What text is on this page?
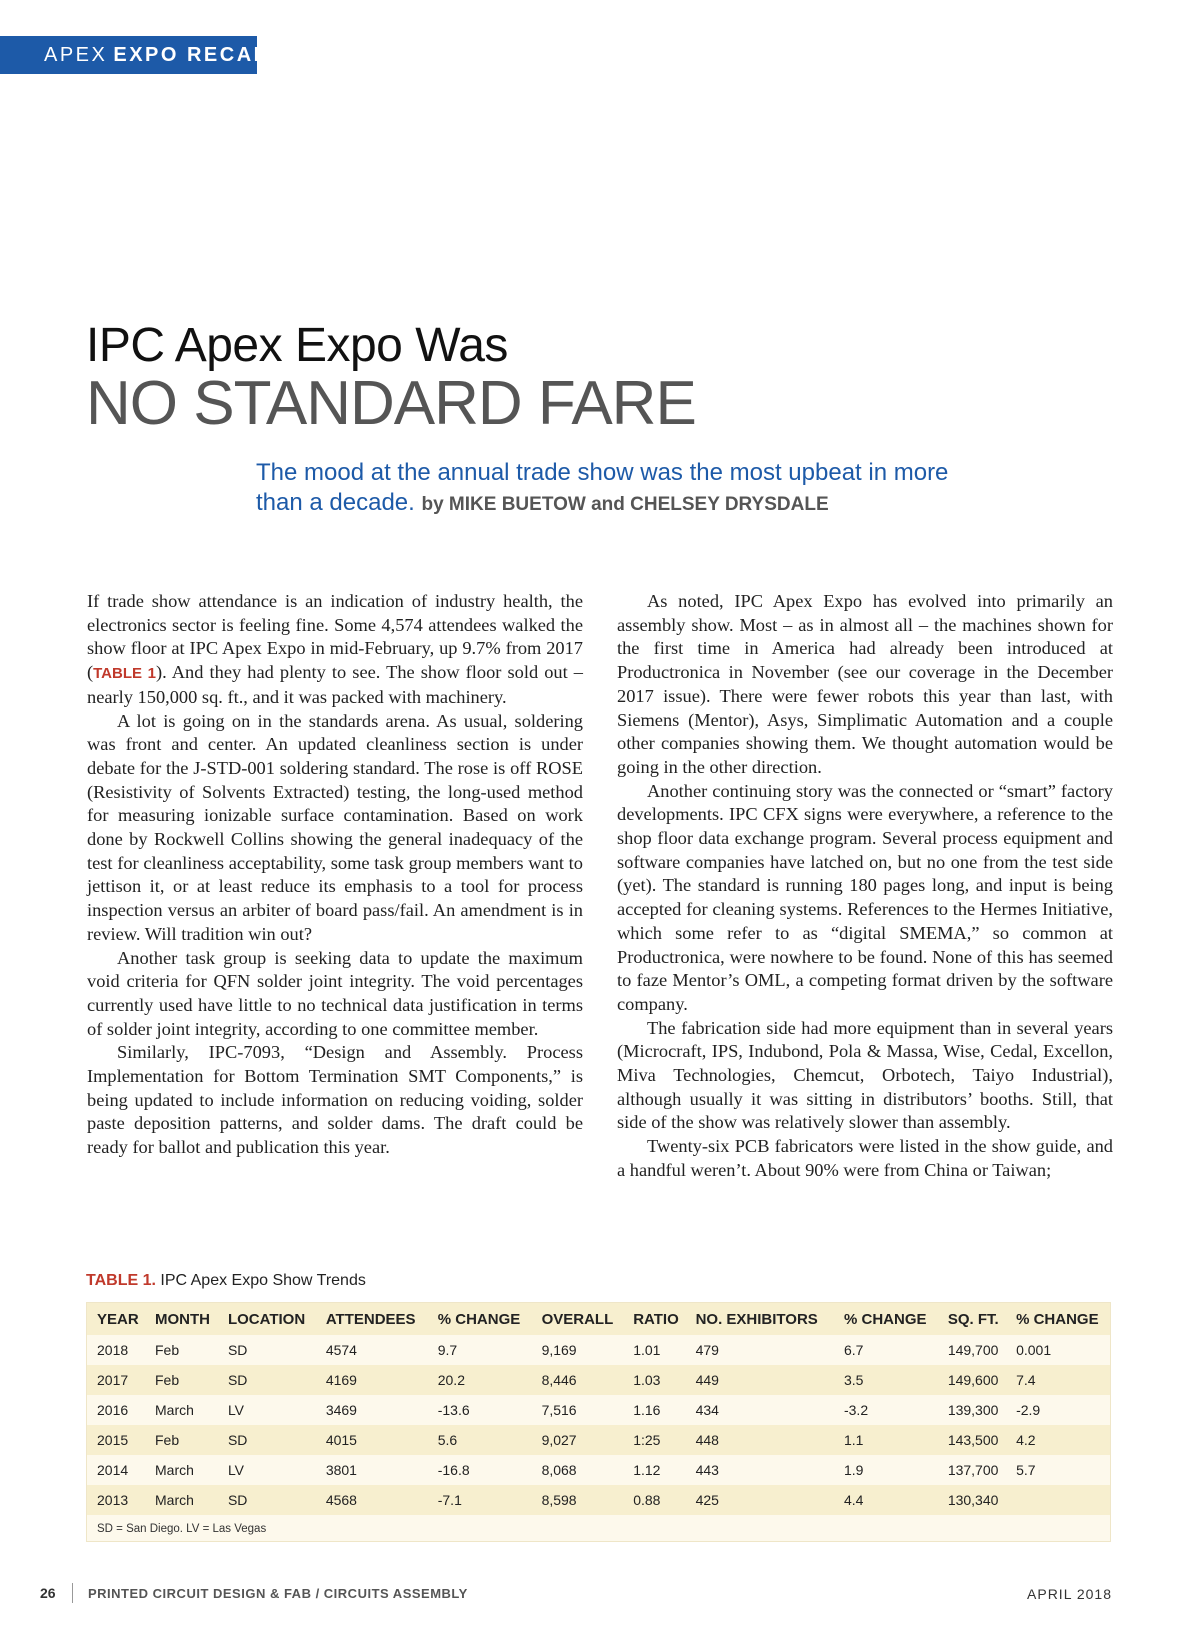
APEX EXPO RECAP
IPC Apex Expo Was
NO STANDARD FARE
The mood at the annual trade show was the most upbeat in more than a decade. by MIKE BUETOW and CHELSEY DRYSDALE

If trade show attendance is an indication of industry health, the electronics sector is feeling fine. Some 4,574 attendees walked the show floor at IPC Apex Expo in mid-February, up 9.7% from 2017 (TABLE 1). And they had plenty to see. The show floor sold out – nearly 150,000 sq. ft., and it was packed with machinery.

A lot is going on in the standards arena. As usual, soldering was front and center. An updated cleanliness section is under debate for the J-STD-001 soldering standard. The rose is off ROSE (Resistivity of Solvents Extracted) testing, the long-used method for measuring ionizable surface contamination. Based on work done by Rockwell Collins showing the general inadequacy of the test for cleanliness acceptability, some task group members want to jettison it, or at least reduce its emphasis to a tool for process inspection versus an arbiter of board pass/fail. An amendment is in review. Will tradition win out?

Another task group is seeking data to update the maximum void criteria for QFN solder joint integrity. The void percentages currently used have little to no technical data justification in terms of solder joint integrity, according to one committee member.

Similarly, IPC-7093, “Design and Assembly. Process Implementation for Bottom Termination SMT Components,” is being updated to include information on reducing voiding, solder paste deposition patterns, and solder dams. The draft could be ready for ballot and publication this year.

As noted, IPC Apex Expo has evolved into primarily an assembly show. Most – as in almost all – the machines shown for the first time in America had already been introduced at Productronica in November (see our coverage in the December 2017 issue). There were fewer robots this year than last, with Siemens (Mentor), Asys, Simplimatic Automation and a couple other companies showing them. We thought automation would be going in the other direction.

Another continuing story was the connected or “smart” factory developments. IPC CFX signs were everywhere, a reference to the shop floor data exchange program. Several process equipment and software companies have latched on, but no one from the test side (yet). The standard is running 180 pages long, and input is being accepted for cleaning systems. References to the Hermes Initiative, which some refer to as “digital SMEMA,” so common at Productronica, were nowhere to be found. None of this has seemed to faze Mentor’s OML, a competing format driven by the software company.

The fabrication side had more equipment than in several years (Microcraft, IPS, Indubond, Pola & Massa, Wise, Cedal, Excellon, Miva Technologies, Chemcut, Orbotech, Taiyo Industrial), although usually it was sitting in distributors’ booths. Still, that side of the show was relatively slower than assembly.

Twenty-six PCB fabricators were listed in the show guide, and a handful weren’t. About 90% were from China or Taiwan;

TABLE 1. IPC Apex Expo Show Trends
YEAR	MONTH	LOCATION	ATTENDEES	% CHANGE	OVERALL	RATIO	NO. EXHIBITORS	% CHANGE	SQ. FT.	% CHANGE
2018	Feb	SD	4574	9.7	9,169	1.01	479	6.7	149,700	0.001
2017	Feb	SD	4169	20.2	8,446	1.03	449	3.5	149,600	7.4
2016	March	LV	3469	-13.6	7,516	1.16	434	-3.2	139,300	-2.9
2015	Feb	SD	4015	5.6	9,027	1:25	448	1.1	143,500	4.2
2014	March	LV	3801	-16.8	8,068	1.12	443	1.9	137,700	5.7
2013	March	SD	4568	-7.1	8,598	0.88	425	4.4	130,340	
SD = San Diego. LV = Las Vegas
26 PRINTED CIRCUIT DESIGN & FAB / CIRCUITS ASSEMBLY	APRIL 2018
